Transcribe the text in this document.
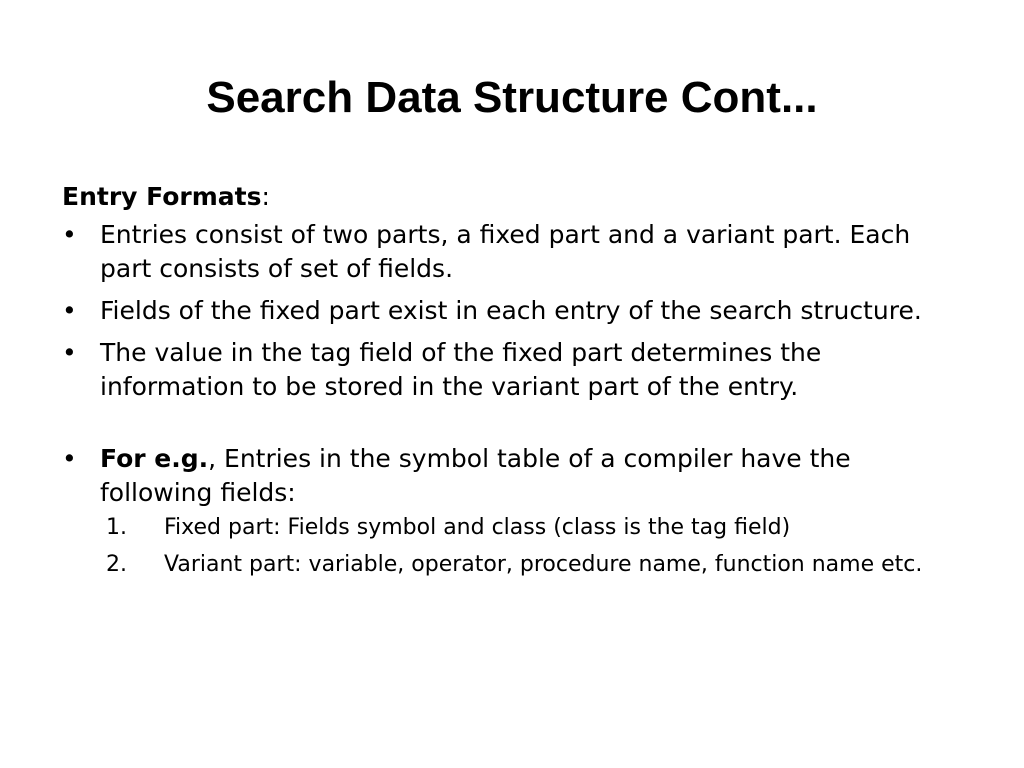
Search Data Structure Cont...

Entry Formats:

• Entries consist of two parts, a fixed part and a variant part. Each part consists of set of fields.
• Fields of the fixed part exist in each entry of the search structure.
• The value in the tag field of the fixed part determines the information to be stored in the variant part of the entry.
• For e.g., Entries in the symbol table of a compiler have the following fields:
1. Fixed part: Fields symbol and class (class is the tag field)
2. Variant part: variable, operator, procedure name, function name etc.
